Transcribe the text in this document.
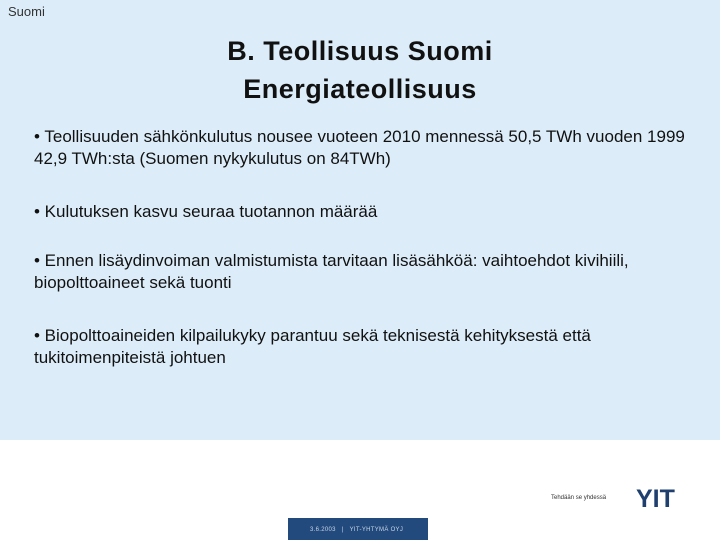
Suomi
B. Teollisuus Suomi
Energiateollisuus
• Teollisuuden sähkönkulutus nousee vuoteen 2010 mennessä 50,5 TWh vuoden 1999 42,9 TWh:sta (Suomen nykykulutus on 84TWh)
• Kulutuksen kasvu seuraa tuotannon määrää
• Ennen lisäydinvoiman valmistumista tarvitaan lisäsähköä: vaihtoehdot kivihiili, biopolttoaineet sekä tuonti
• Biopolttoaineiden kilpailukyky parantuu sekä teknisestä kehityksestä että tukitoimenpiteistä johtuen
Tehdään se yhdessä YIT
3.6.2003 | YIT-YHTYMÄ OYJ
